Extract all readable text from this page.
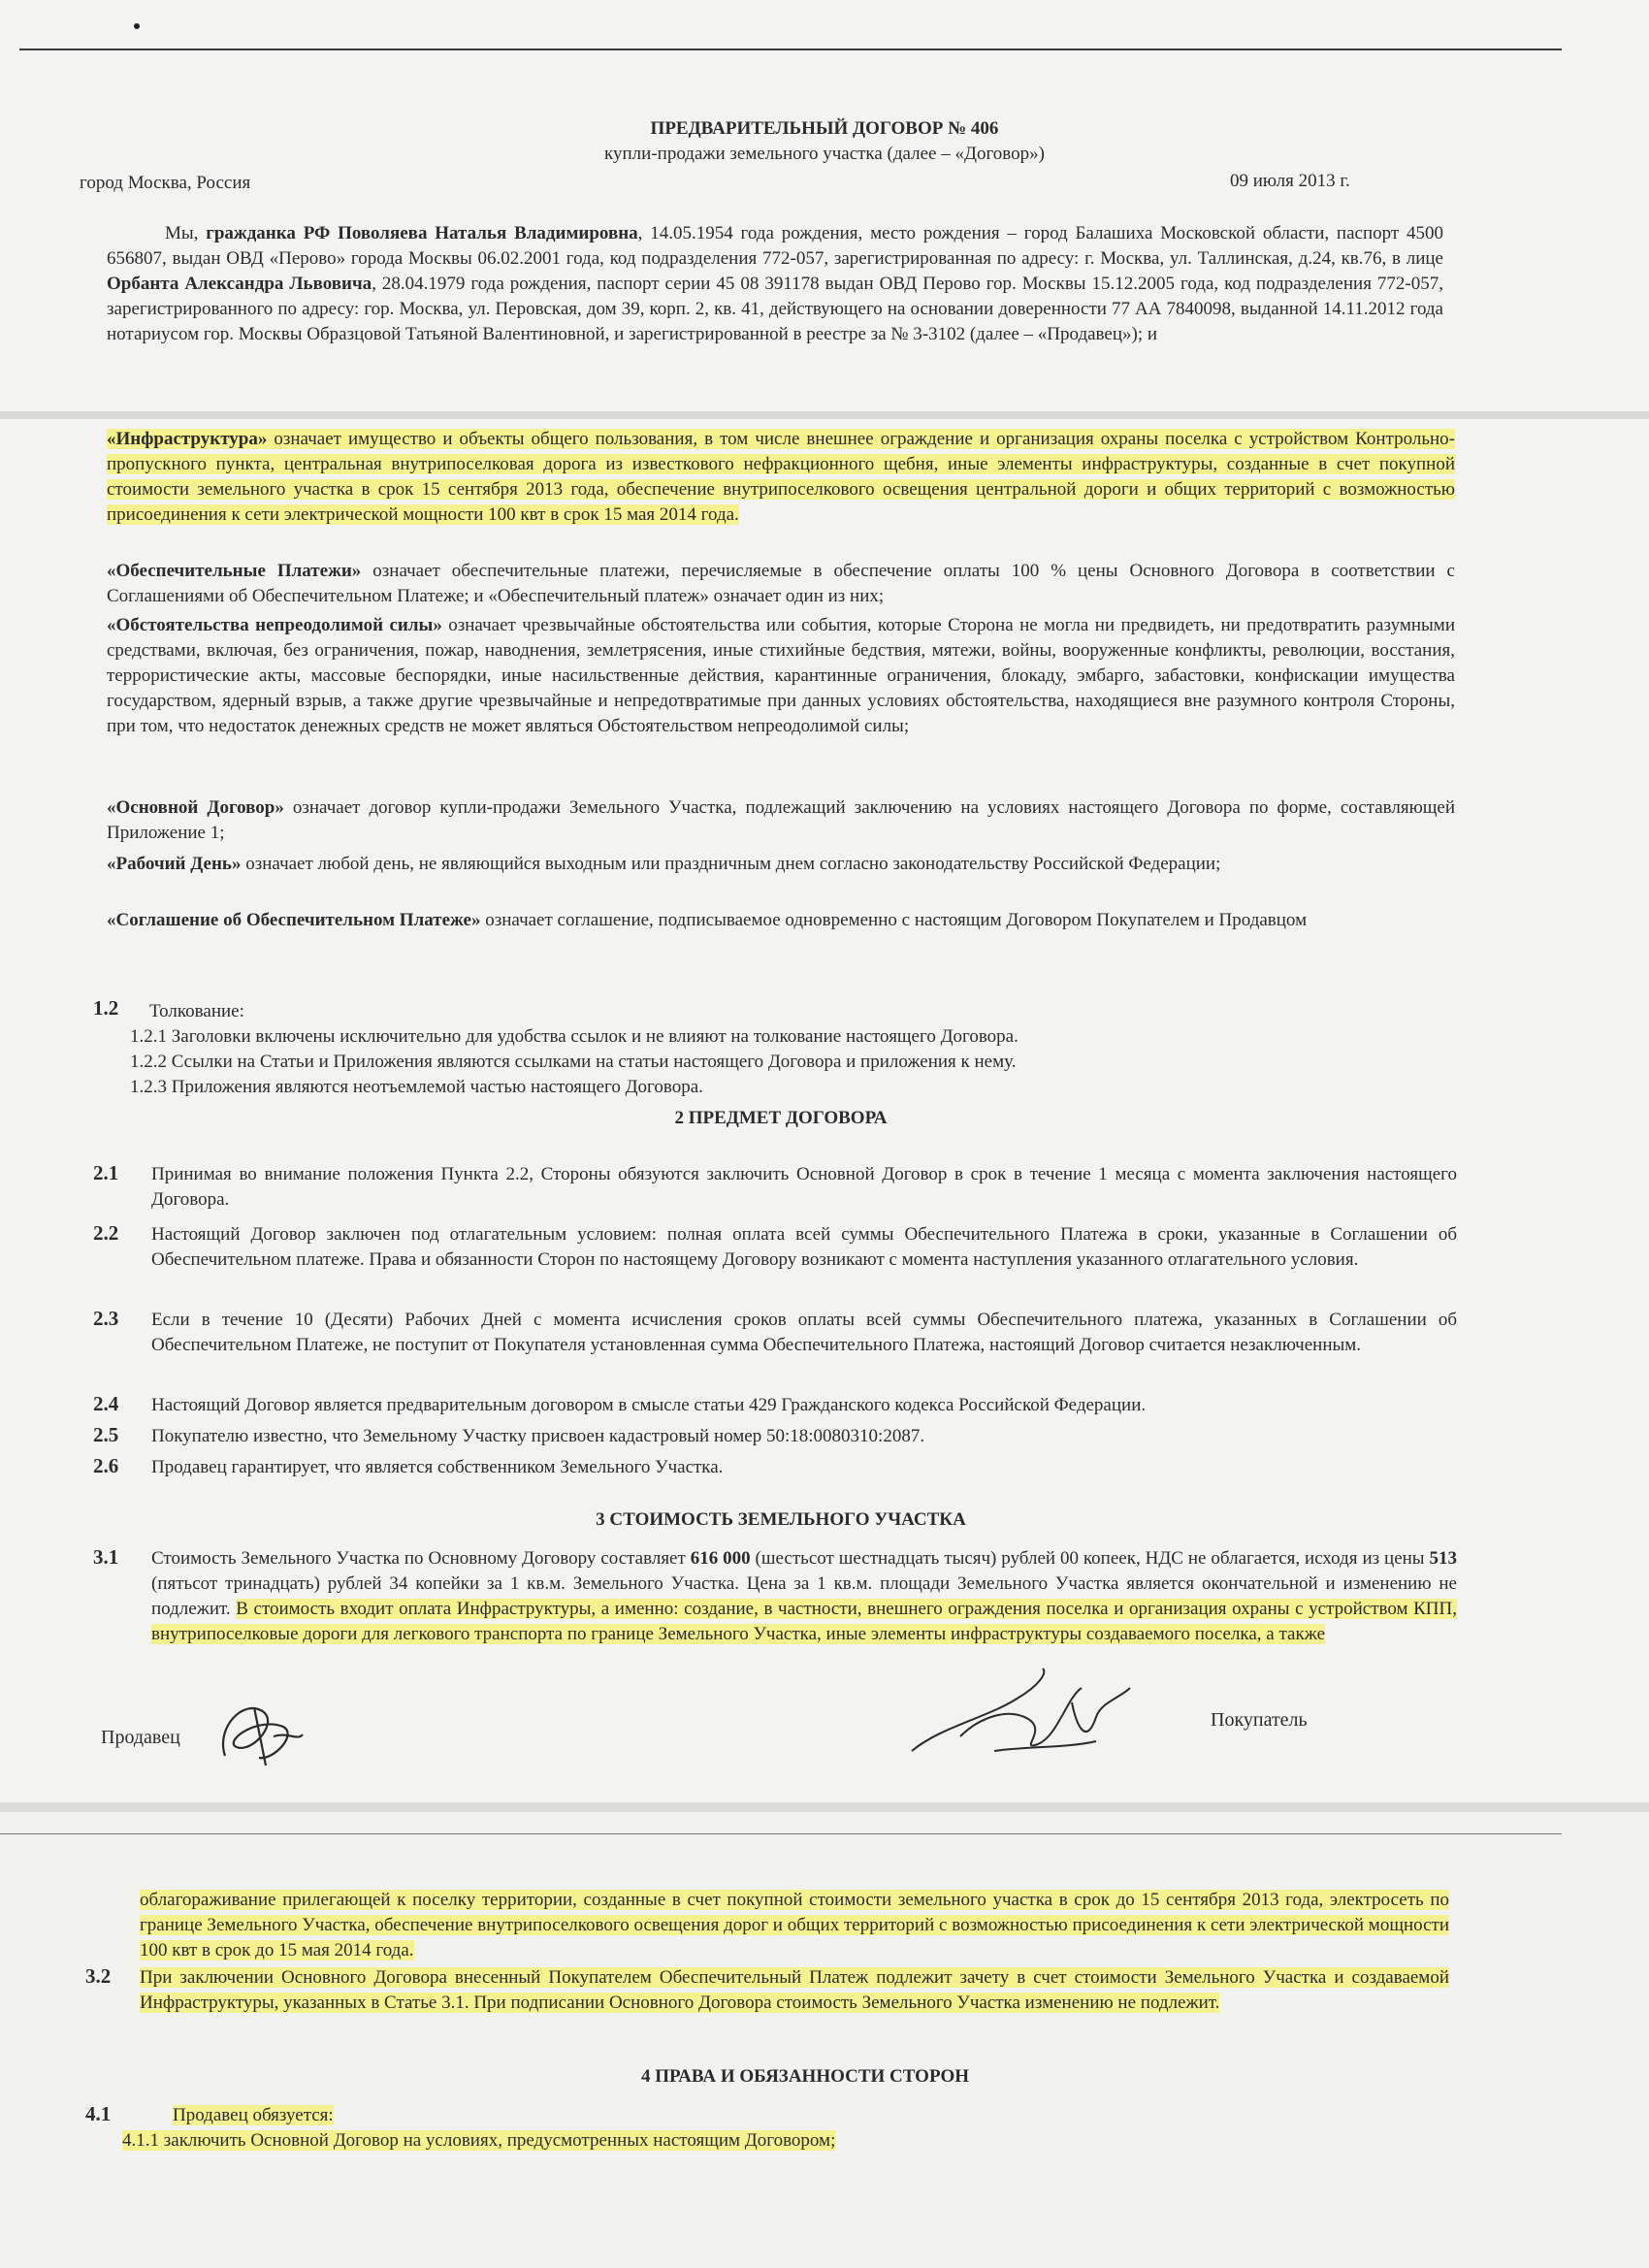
ПРЕДВАРИТЕЛЬНЫЙ ДОГОВОР № 406
купли-продажи земельного участка (далее – «Договор»)
город Москва, Россия	09 июля 2013 г.
Мы, гражданка РФ Поволяева Наталья Владимировна, 14.05.1954 года рождения, место рождения – город Балашиха Московской области, паспорт 4500 656807, выдан ОВД «Перово» города Москвы 06.02.2001 года, код подразделения 772-057, зарегистрированная по адресу: г. Москва, ул. Таллинская, д.24, кв.76, в лице Орбанта Александра Львовича, 28.04.1979 года рождения, паспорт серии 45 08 391178 выдан ОВД Перово гор. Москвы 15.12.2005 года, код подразделения 772-057, зарегистрированного по адресу: гор. Москва, ул. Перовская, дом 39, корп. 2, кв. 41, действующего на основании доверенности 77 АА 7840098, выданной 14.11.2012 года нотариусом гор. Москвы Образцовой Татьяной Валентиновной, и зарегистрированной в реестре за № 3-3102 (далее – «Продавец»); и
«Инфраструктура» означает имущество и объекты общего пользования, в том числе внешнее ограждение и организация охраны поселка с устройством Контрольно-пропускного пункта, центральная внутрипоселковая дорога из известкового нефракционного щебня, иные элементы инфраструктуры, созданные в счет покупной стоимости земельного участка в срок 15 сентября 2013 года, обеспечение внутрипоселкового освещения центральной дороги и общих территорий с возможностью присоединения к сети электрической мощности 100 квт в срок 15 мая 2014 года.
«Обеспечительные Платежи» означает обеспечительные платежи, перечисляемые в обеспечение оплаты 100 % цены Основного Договора в соответствии с Соглашениями об Обеспечительном Платеже; и «Обеспечительный платеж» означает один из них;
«Обстоятельства непреодолимой силы» означает чрезвычайные обстоятельства или события, которые Сторона не могла ни предвидеть, ни предотвратить разумными средствами, включая, без ограничения, пожар, наводнения, землетрясения, иные стихийные бедствия, мятежи, войны, вооруженные конфликты, революции, восстания, террористические акты, массовые беспорядки, иные насильственные действия, карантинные ограничения, блокаду, эмбарго, забастовки, конфискации имущества государством, ядерный взрыв, а также другие чрезвычайные и непредотвратимые при данных условиях обстоятельства, находящиеся вне разумного контроля Стороны, при том, что недостаток денежных средств не может являться Обстоятельством непреодолимой силы;
«Основной Договор» означает договор купли-продажи Земельного Участка, подлежащий заключению на условиях настоящего Договора по форме, составляющей Приложение 1;
«Рабочий День» означает любой день, не являющийся выходным или праздничным днем согласно законодательству Российской Федерации;
«Соглашение об Обеспечительном Платеже» означает соглашение, подписываемое одновременно с настоящим Договором Покупателем и Продавцом
1.2 Толкование:
1.2.1 Заголовки включены исключительно для удобства ссылок и не влияют на толкование настоящего Договора.
1.2.2 Ссылки на Статьи и Приложения являются ссылками на статьи настоящего Договора и приложения к нему.
1.2.3 Приложения являются неотъемлемой частью настоящего Договора.
2 ПРЕДМЕТ ДОГОВОРА
2.1 Принимая во внимание положения Пункта 2.2, Стороны обязуются заключить Основной Договор в срок в течение 1 месяца с момента заключения настоящего Договора.
2.2 Настоящий Договор заключен под отлагательным условием: полная оплата всей суммы Обеспечительного Платежа в сроки, указанные в Соглашении об Обеспечительном платеже. Права и обязанности Сторон по настоящему Договору возникают с момента наступления указанного отлагательного условия.
2.3 Если в течение 10 (Десяти) Рабочих Дней с момента исчисления сроков оплаты всей суммы Обеспечительного платежа, указанных в Соглашении об Обеспечительном Платеже, не поступит от Покупателя установленная сумма Обеспечительного Платежа, настоящий Договор считается незаключенным.
2.4 Настоящий Договор является предварительным договором в смысле статьи 429 Гражданского кодекса Российской Федерации.
2.5 Покупателю известно, что Земельному Участку присвоен кадастровый номер 50:18:0080310:2087.
2.6 Продавец гарантирует, что является собственником Земельного Участка.
3 СТОИМОСТЬ ЗЕМЕЛЬНОГО УЧАСТКА
3.1 Стоимость Земельного Участка по Основному Договору составляет 616 000 (шестьсот шестнадцать тысяч) рублей 00 копеек, НДС не облагается, исходя из цены 513 (пятьсот тринадцать) рублей 34 копейки за 1 кв.м. Земельного Участка. Цена за 1 кв.м. площади Земельного Участка является окончательной и изменению не подлежит. В стоимость входит оплата Инфраструктуры, а именно: создание, в частности, внешнего ограждения поселка и организация охраны с устройством КПП, внутрипоселковые дороги для легкового транспорта по границе Земельного Участка, иные элементы инфраструктуры создаваемого поселка, а также
Продавец
Покупатель
облагораживание прилегающей к поселку территории, созданные в счет покупной стоимости земельного участка в срок до 15 сентября 2013 года, электросеть по границе Земельного Участка, обеспечение внутрипоселкового освещения дорог и общих территорий с возможностью присоединения к сети электрической мощности 100 квт в срок до 15 мая 2014 года.
3.2 При заключении Основного Договора внесенный Покупателем Обеспечительный Платеж подлежит зачету в счет стоимости Земельного Участка и создаваемой Инфраструктуры, указанных в Статье 3.1. При подписании Основного Договора стоимость Земельного Участка изменению не подлежит.
4 ПРАВА И ОБЯЗАННОСТИ СТОРОН
4.1	Продавец обязуется:
4.1.1 заключить Основной Договор на условиях, предусмотренных настоящим Договором;
